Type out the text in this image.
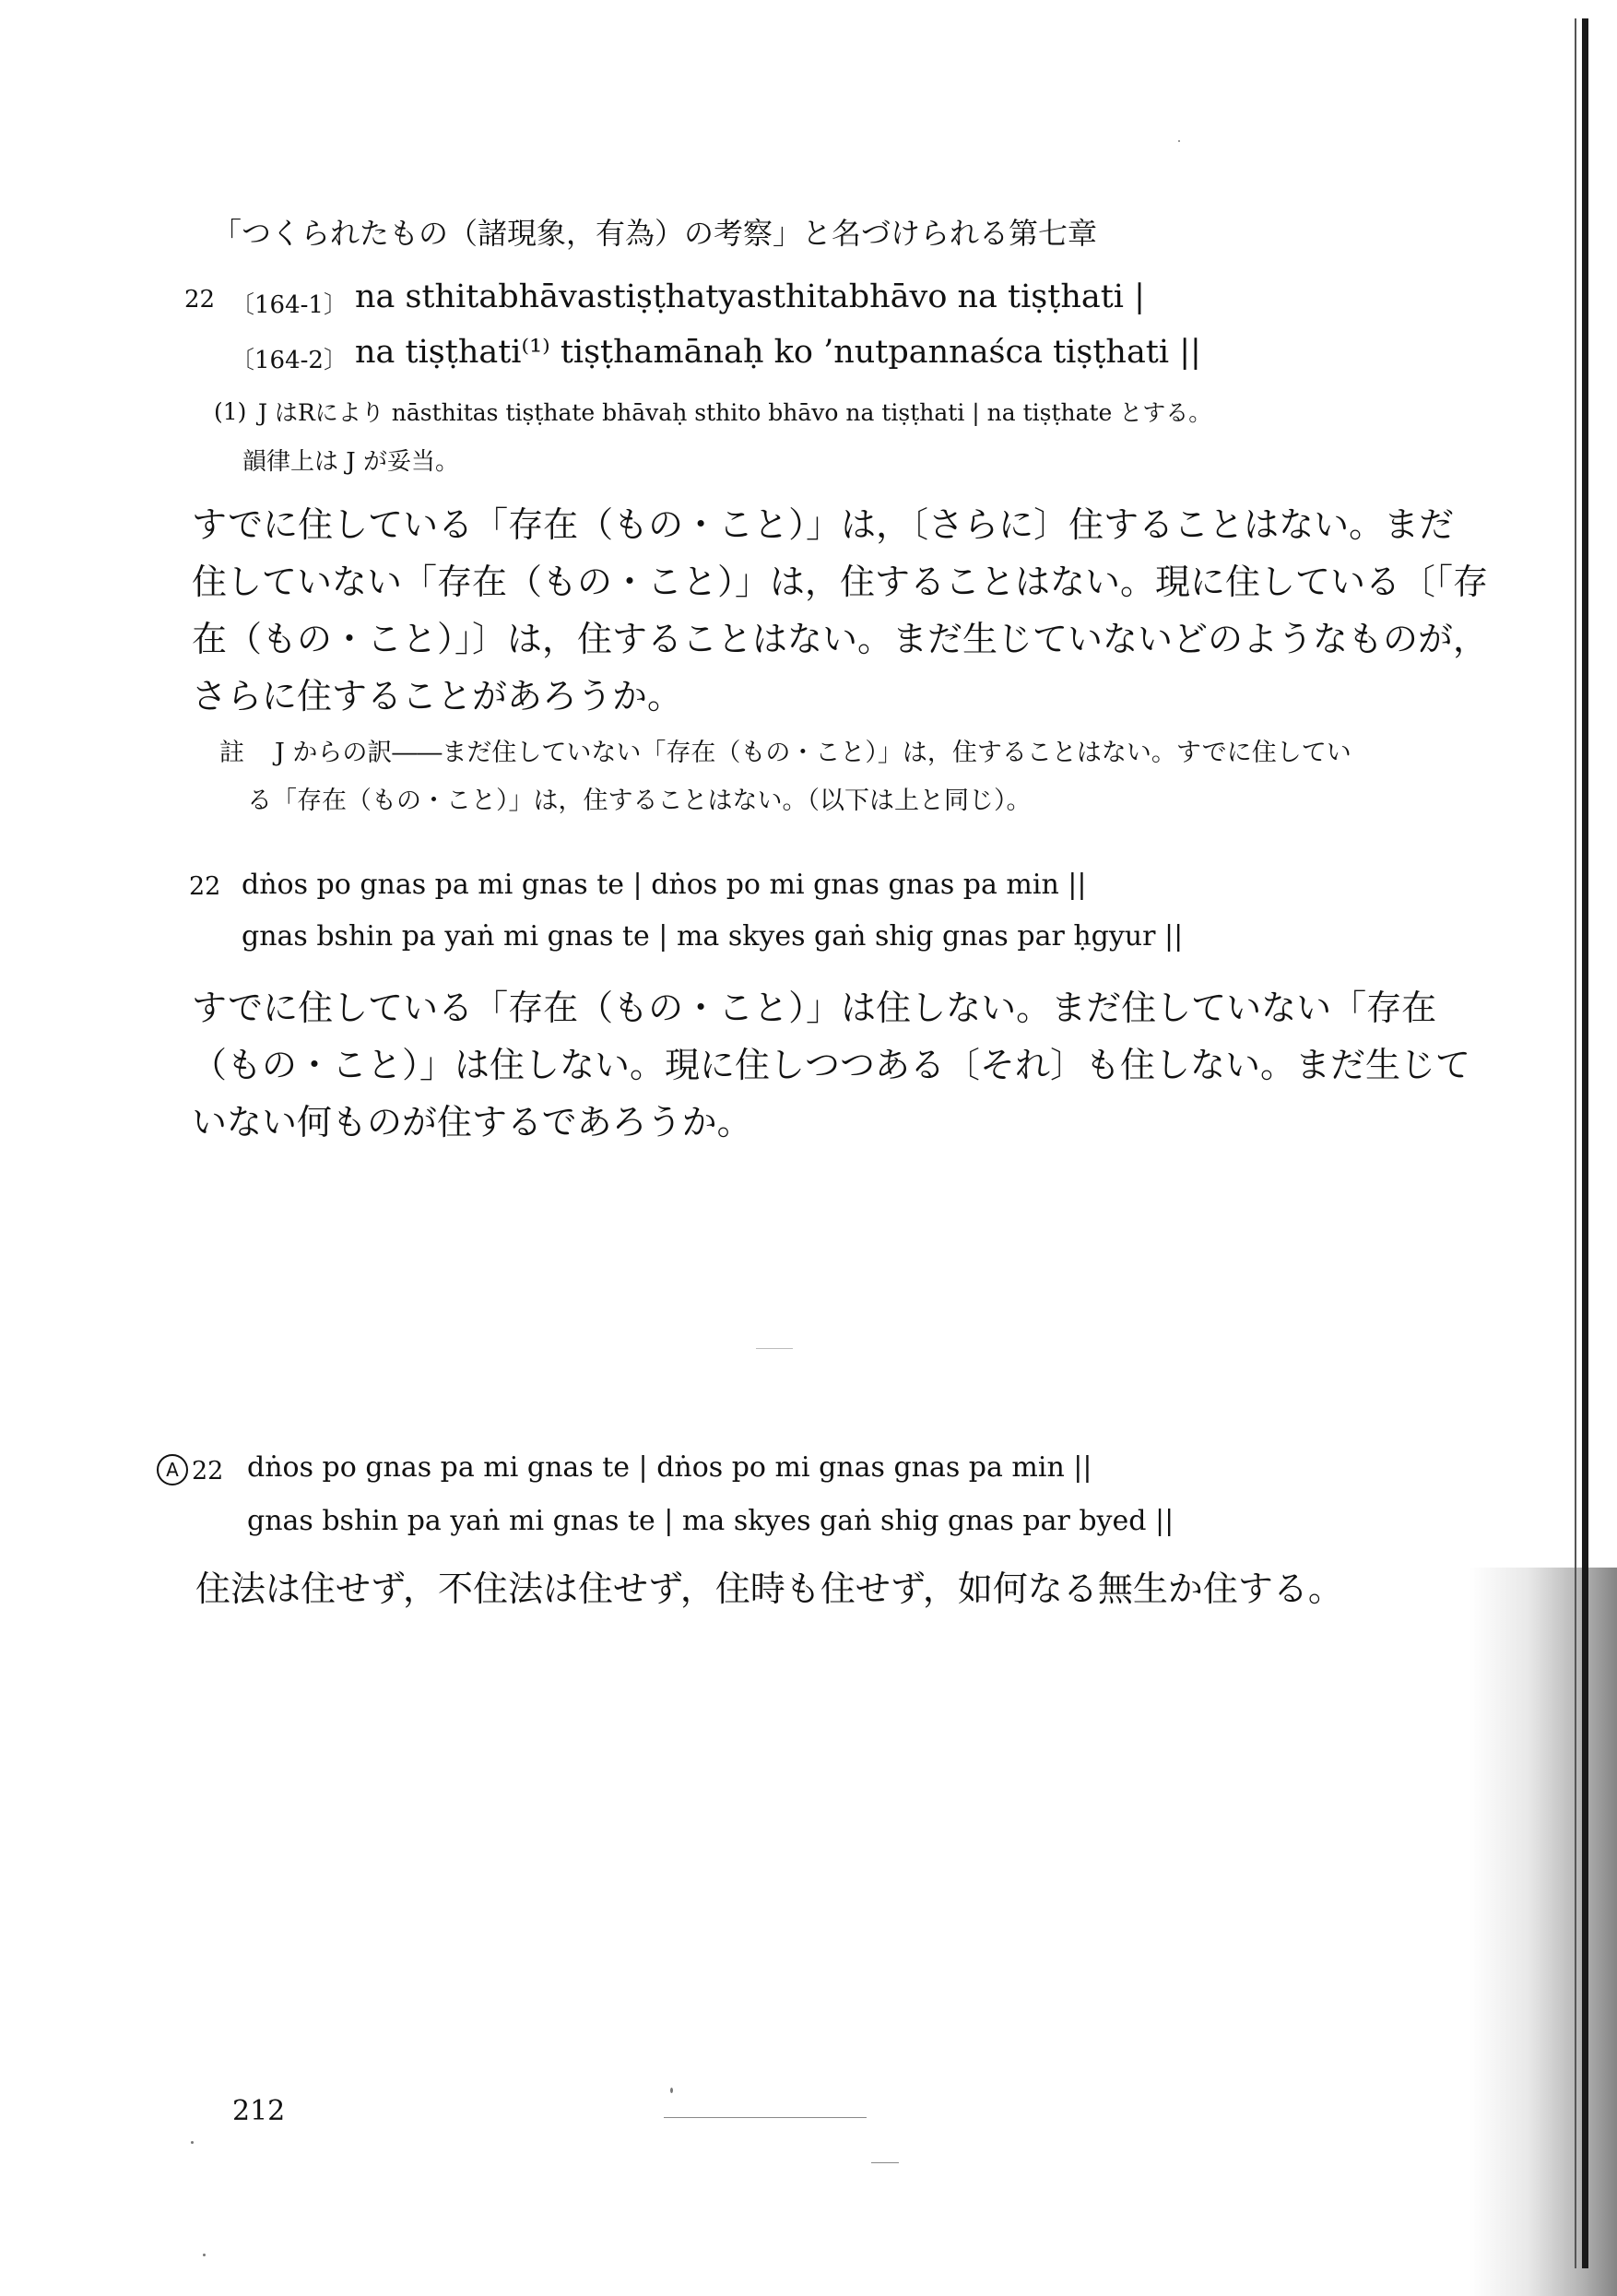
「つくられたもの（諸現象，有為）の考察」と名づけられる第七章
22 〔164-1〕 na sthitabhāvastiṣṭhatyasthitabhāvo na tiṣṭhati |
〔164-2〕 na tiṣṭhati⁽¹⁾ tiṣṭhamānaḥ ko ’nutpannaśca tiṣṭhati ||
(1) J はRにより nāsthitas tiṣṭhate bhāvaḥ sthito bhāvo na tiṣṭhati | na tiṣṭhate とする。
韻律上は J が妥当。
すでに住している「存在（もの・こと）」は，〔さらに〕住することはない。まだ
住していない「存在（もの・こと）」は，住することはない。現に住している〔「存
在（もの・こと）」〕は，住することはない。まだ生じていないどのようなものが，
さらに住することがあろうか。
註 J からの訳――まだ住していない「存在（もの・こと）」は，住することはない。すでに住してい
る「存在（もの・こと）」は，住することはない。（以下は上と同じ）。
22 dṅos po gnas pa mi gnas te | dṅos po mi gnas gnas pa min ||
gnas bshin pa yaṅ mi gnas te | ma skyes gaṅ shig gnas par ḥgyur ||
すでに住している「存在（もの・こと）」は住しない。まだ住していない「存在
（もの・こと）」は住しない。現に住しつつある〔それ〕も住しない。まだ生じて
いない何ものが住するであろうか。
A 22 dṅos po gnas pa mi gnas te | dṅos po mi gnas gnas pa min ||
gnas bshin pa yaṅ mi gnas te | ma skyes gaṅ shig gnas par byed ||
住法は住せず，不住法は住せず，住時も住せず，如何なる無生か住する。
212
